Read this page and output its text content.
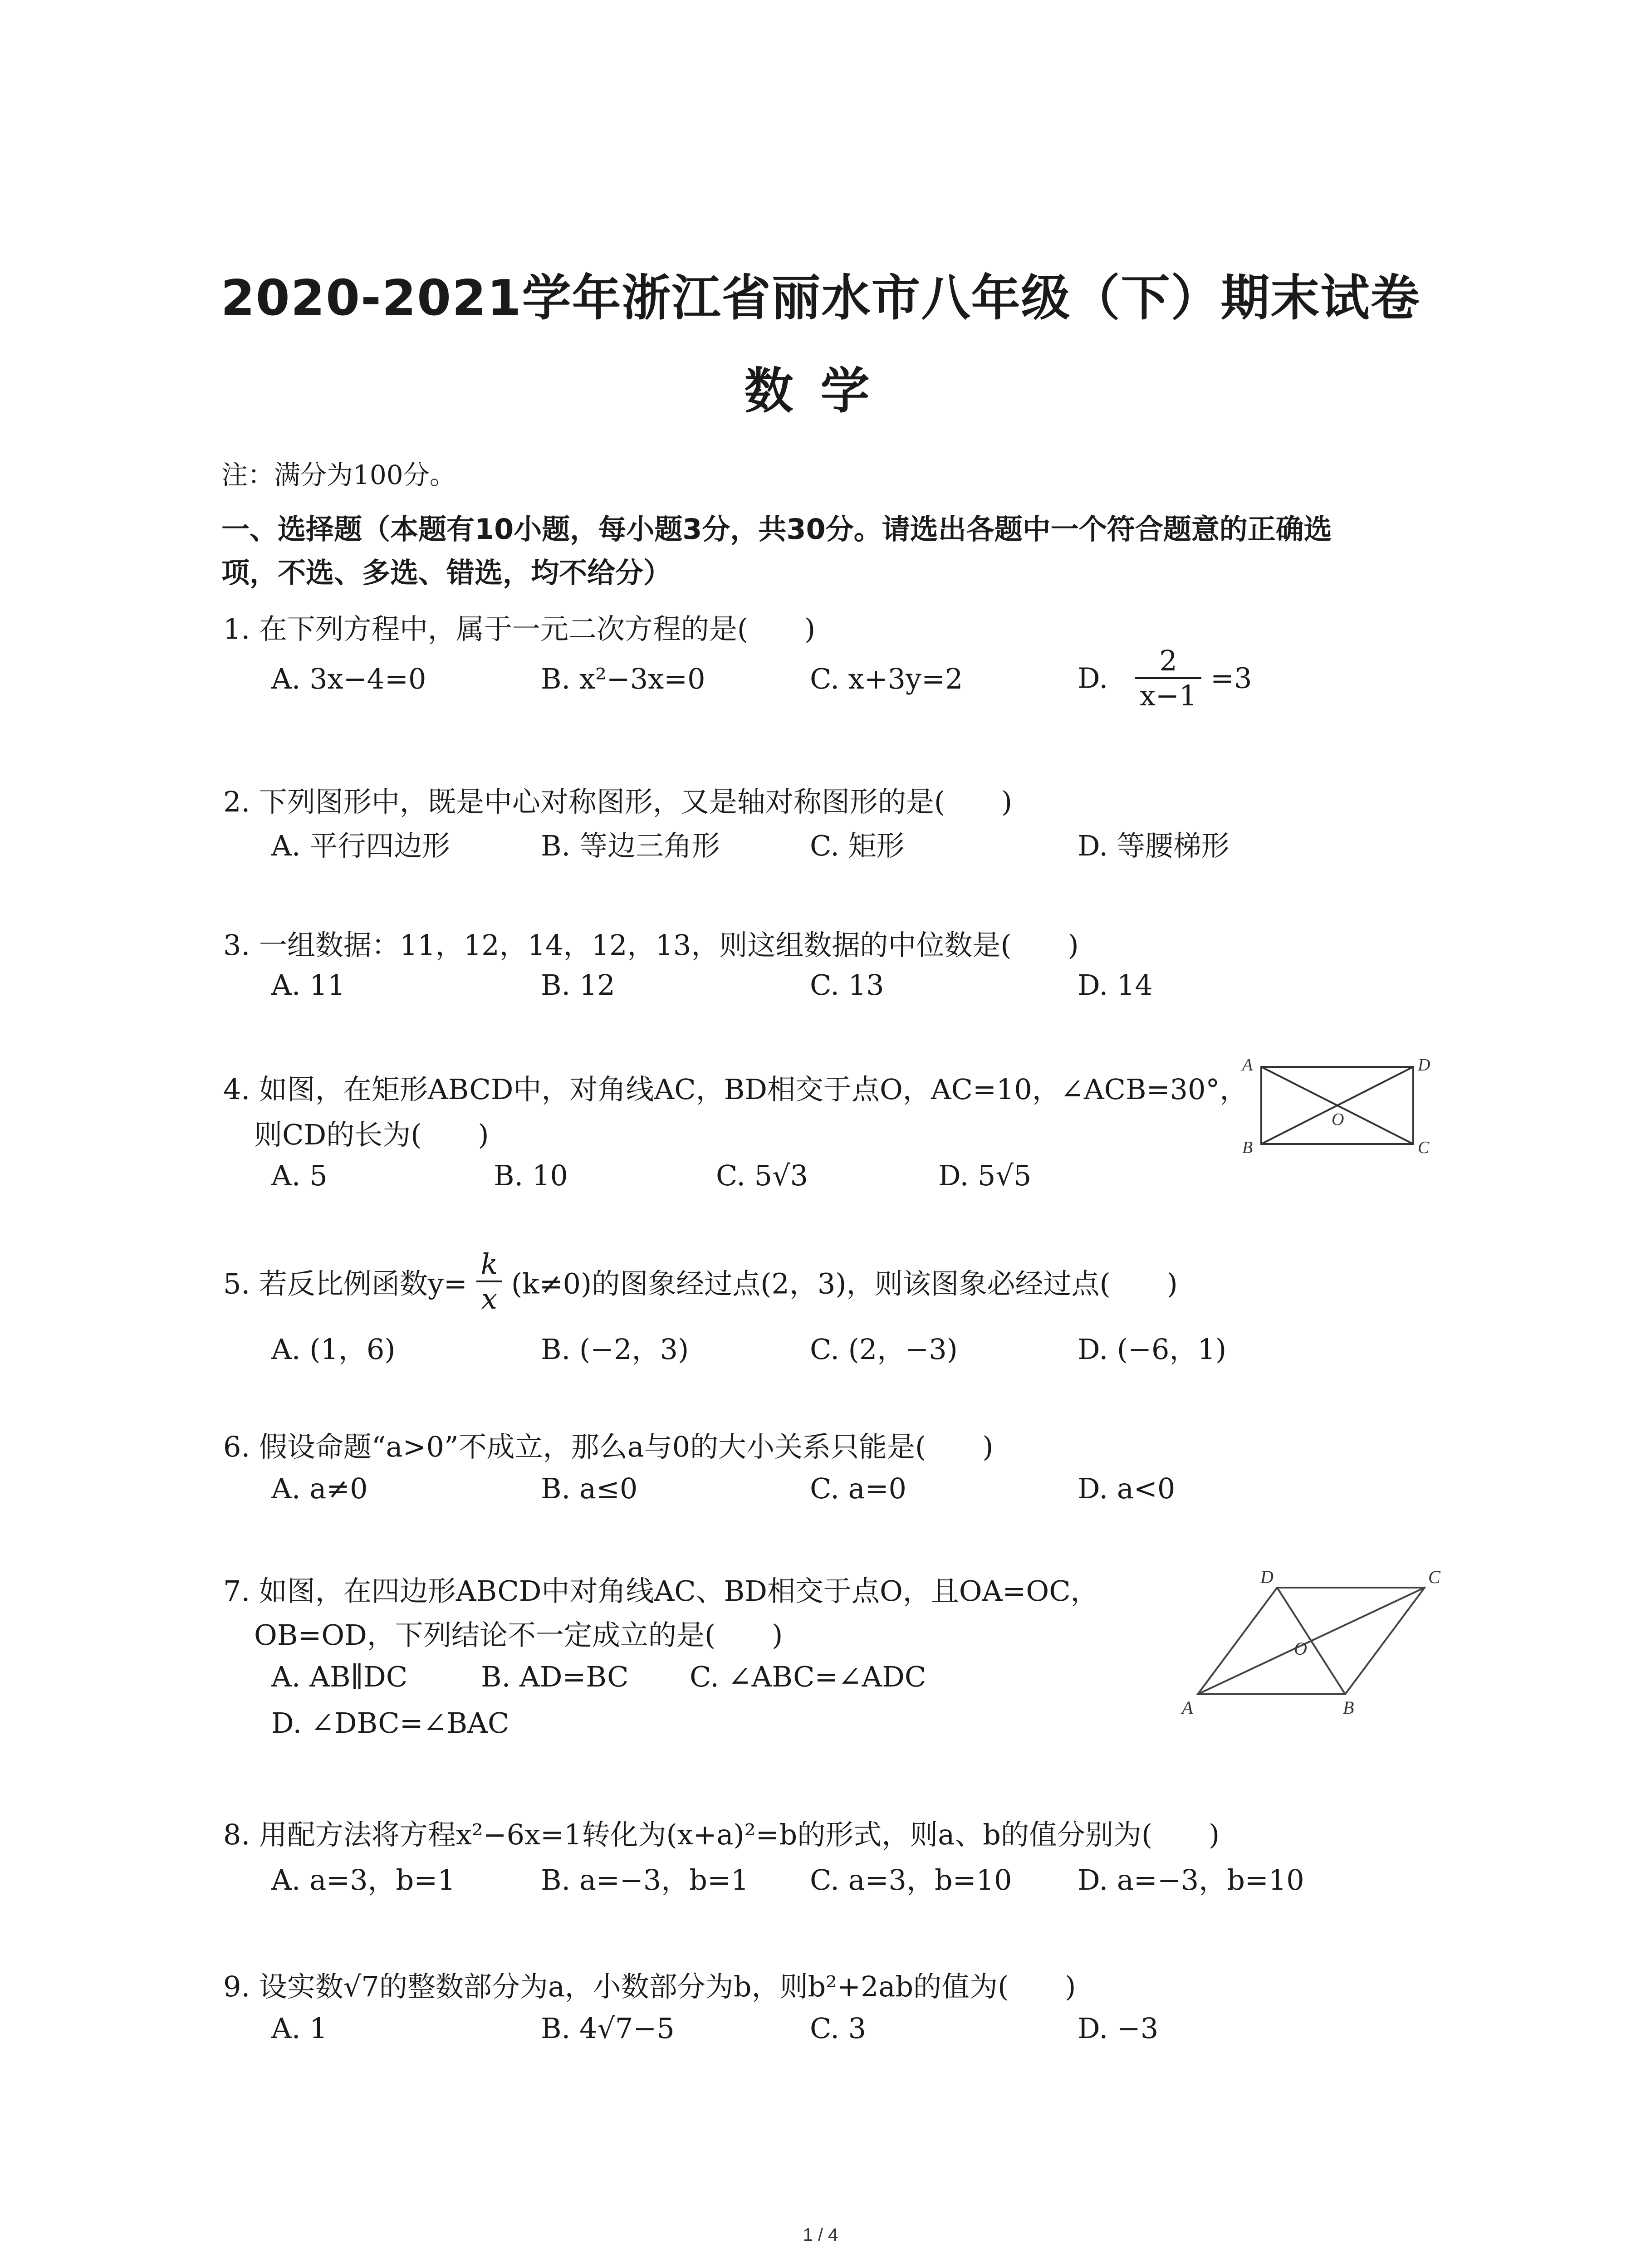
2020-2021学年浙江省丽水市八年级（下）期末试卷
数学
注：满分为100分。
一、选择题（本题有10小题，每小题3分，共30分。请选出各题中一个符合题意的正确选
项，不选、多选、错选，均不给分）
1. 在下列方程中，属于一元二次方程的是(　　)
A. 3x−4=0	B. x²−3x=0	C. x+3y=2	D. $\frac{2}{x-1} =3$
2. 下列图形中，既是中心对称图形，又是轴对称图形的是(　　)
A. 平行四边形	B. 等边三角形	C. 矩形	D. 等腰梯形
3. 一组数据：11，12，14，12，13，则这组数据的中位数是(　　)
A. 11	B. 12	C. 13	D. 14
4. 如图，在矩形ABCD中，对角线AC，BD相交于点O，AC=10，∠ACB=30°，
则CD的长为(　　)
A. 5	B. 10	C. 5√3	D. 5√5
A	D
B	C
O
5. 若反比例函数$y= \frac{k}{x} (k\ne 0)$的图象经过点(2，3)，则该图象必经过点(　　)
A. (1，6)	B. (−2，3)	C. (2，−3)	D. (−6，1)
6. 假设命题“a>0”不成立，那么a与0的大小关系只能是(　　)
A. a≠0	B. a≤0	C. a=0	D. a<0
7. 如图，在四边形ABCD中对角线AC、BD相交于点O，且OA=OC，
OB=OD，下列结论不一定成立的是(　　)
A. AB∥DC	B. AD=BC C. ∠ABC=∠ADC
D. ∠DBC=∠BAC
D	C
O
A	B
8. 用配方法将方程x²−6x=1转化为(x+a)²=b的形式，则a、b的值分别为(　　)
A. a=3，b=1	B. a=−3，b=1 C. a=3，b=10 D. a=−3，b=10
9. 设实数√7的整数部分为a，小数部分为b，则b²+2ab的值为(　　)
A. 1	B. 4√7−5	C. 3	D. −3
1 / 4
